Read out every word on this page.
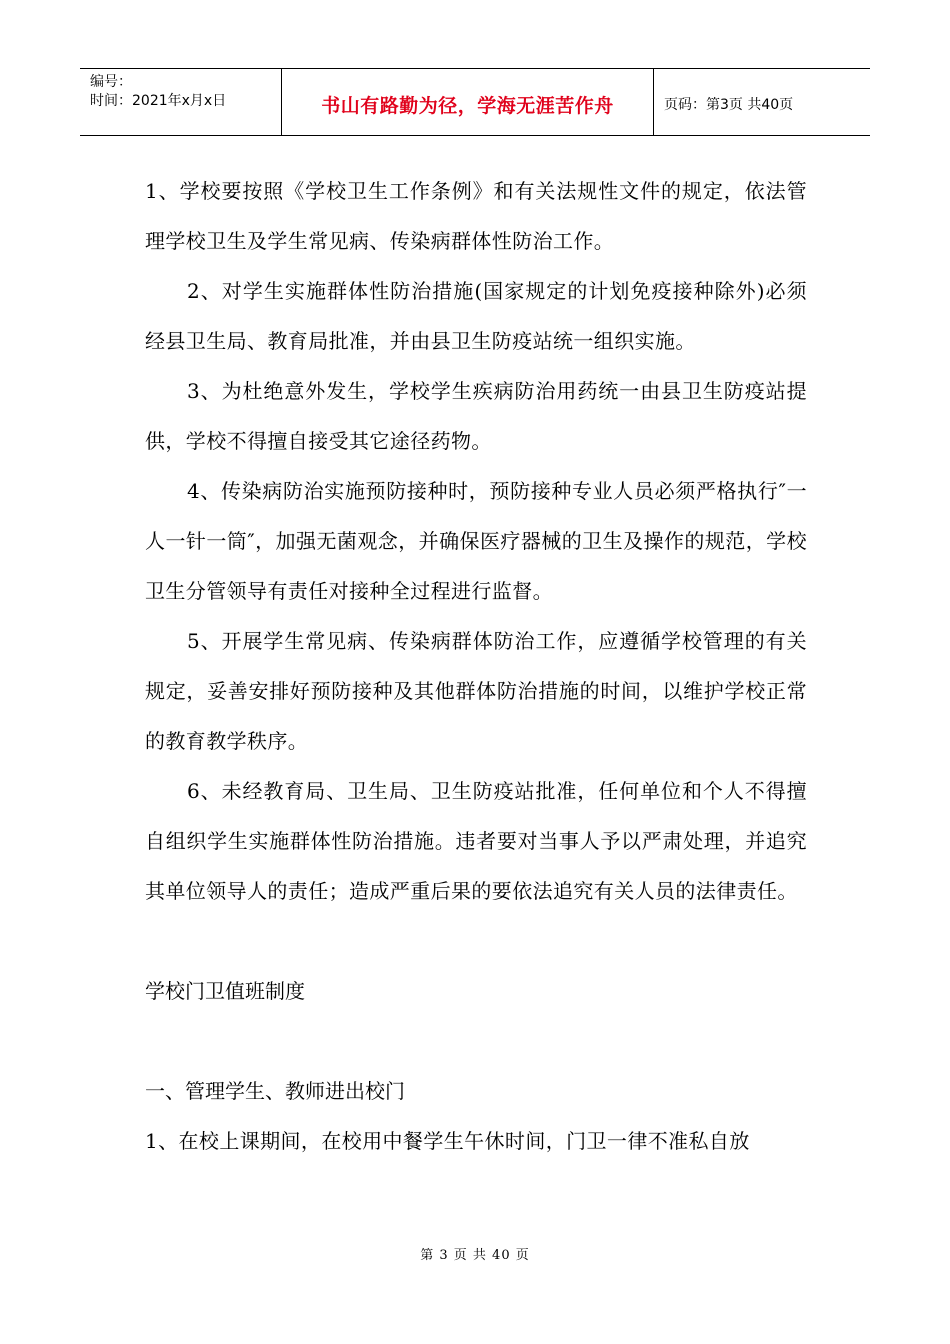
编号：
时间：2021年x月x日	书山有路勤为径，学海无涯苦作舟	页码：第3页 共40页

1、学校要按照《学校卫生工作条例》和有关法规性文件的规定，依法管理学校卫生及学生常见病、传染病群体性防治工作。

2、对学生实施群体性防治措施(国家规定的计划免疫接种除外)必须经县卫生局、教育局批准，并由县卫生防疫站统一组织实施。

3、为杜绝意外发生，学校学生疾病防治用药统一由县卫生防疫站提供，学校不得擅自接受其它途径药物。

4、传染病防治实施预防接种时，预防接种专业人员必须严格执行″一人一针一筒″，加强无菌观念，并确保医疗器械的卫生及操作的规范，学校卫生分管领导有责任对接种全过程进行监督。

5、开展学生常见病、传染病群体防治工作，应遵循学校管理的有关规定，妥善安排好预防接种及其他群体防治措施的时间，以维护学校正常的教育教学秩序。

6、未经教育局、卫生局、卫生防疫站批准，任何单位和个人不得擅自组织学生实施群体性防治措施。违者要对当事人予以严肃处理，并追究其单位领导人的责任；造成严重后果的要依法追究有关人员的法律责任。

学校门卫值班制度

一、管理学生、教师进出校门

1、在校上课期间，在校用中餐学生午休时间，门卫一律不准私自放

第 3 页 共 40 页
